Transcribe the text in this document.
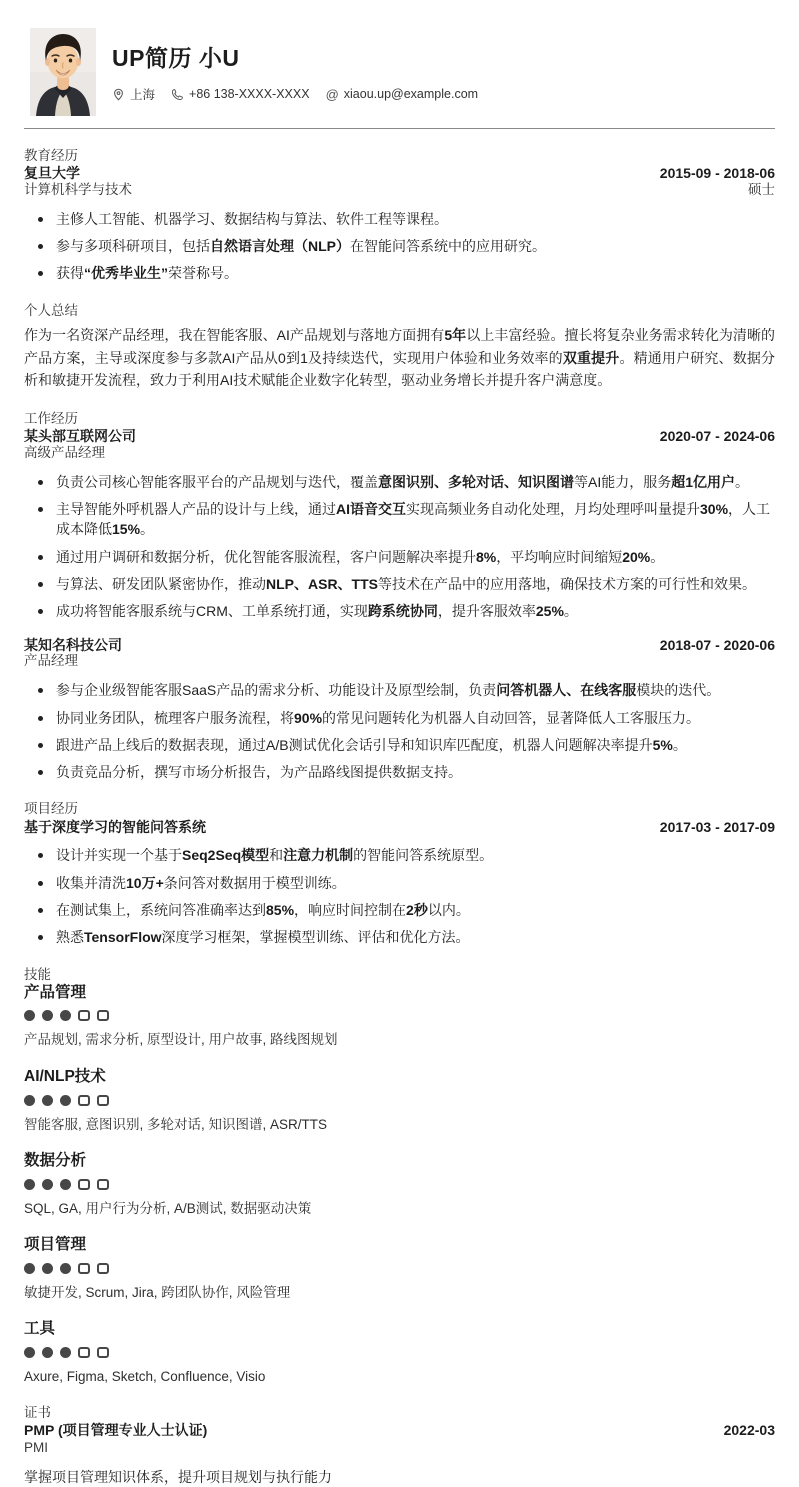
UP简历 小U
上海	+86 138-XXXX-XXXX @ xiaou.up@example.com
教育经历
复旦大学	2015-09 - 2018-06
计算机科学与技术	硕士
主修人工智能、机器学习、数据结构与算法、软件工程等课程。
参与多项科研项目，包括自然语言处理（NLP）在智能问答系统中的应用研究。
获得“优秀毕业生”荣誉称号。
个人总结

作为一名资深产品经理，我在智能客服、AI产品规划与落地方面拥有5年以上丰富经验。擅长将复杂业务需求转化为清晰的产品方案，主导或深度参与多款AI产品从0到1及持续迭代，实现用户体验和业务效率的双重提升。精通用户研究、数据分析和敏捷开发流程，致力于利用AI技术赋能企业数字化转型，驱动业务增长并提升客户满意度。

工作经历
某头部互联网公司	2020-07 - 2024-06
高级产品经理
负责公司核心智能客服平台的产品规划与迭代，覆盖意图识别、多轮对话、知识图谱等AI能力，服务超1亿用户。
主导智能外呼机器人产品的设计与上线，通过AI语音交互实现高频业务自动化处理，月均处理呼叫量提升30%，人工成本降低15%。
通过用户调研和数据分析，优化智能客服流程，客户问题解决率提升8%，平均响应时间缩短20%。
与算法、研发团队紧密协作，推动NLP、ASR、TTS等技术在产品中的应用落地，确保技术方案的可行性和效果。
成功将智能客服系统与CRM、工单系统打通，实现跨系统协同，提升客服效率25%。
某知名科技公司	2018-07 - 2020-06
产品经理
参与企业级智能客服SaaS产品的需求分析、功能设计及原型绘制，负责问答机器人、在线客服模块的迭代。
协同业务团队，梳理客户服务流程，将90%的常见问题转化为机器人自动回答，显著降低人工客服压力。
跟进产品上线后的数据表现，通过A/B测试优化会话引导和知识库匹配度，机器人问题解决率提升5%。
负责竞品分析，撰写市场分析报告，为产品路线图提供数据支持。
项目经历
基于深度学习的智能问答系统	2017-03 - 2017-09
设计并实现一个基于Seq2Seq模型和注意力机制的智能问答系统原型。
收集并清洗10万+条问答对数据用于模型训练。
在测试集上，系统问答准确率达到85%，响应时间控制在2秒以内。
熟悉TensorFlow深度学习框架，掌握模型训练、评估和优化方法。
技能
产品管理
产品规划, 需求分析, 原型设计, 用户故事, 路线图规划
AI/NLP技术
智能客服, 意图识别, 多轮对话, 知识图谱, ASR/TTS
数据分析
SQL, GA, 用户行为分析, A/B测试, 数据驱动决策
项目管理
敏捷开发, Scrum, Jira, 跨团队协作, 风险管理
工具
Axure, Figma, Sketch, Confluence, Visio
证书
PMP (项目管理专业人士认证)	2022-03
PMI
掌握项目管理知识体系，提升项目规划与执行能力
